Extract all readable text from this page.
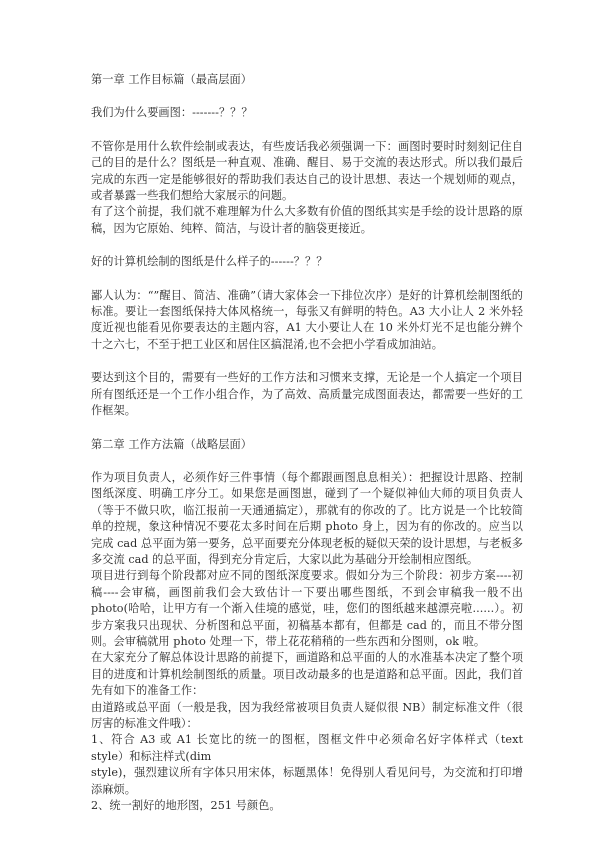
第一章 工作目标篇（最高层面）

我们为什么要画图：-------？？？

不管你是用什么软件绘制或表达，有些废话我必须强调一下：画图时要时时刻刻记住自己的目的是什么？图纸是一种直观、准确、醒目、易于交流的表达形式。所以我们最后完成的东西一定是能够很好的帮助我们表达自己的设计思想、表达一个规划师的观点，或者暴露一些我们想给大家展示的问题。

有了这个前提，我们就不难理解为什么大多数有价值的图纸其实是手绘的设计思路的原稿，因为它原始、纯粹、简洁，与设计者的脑袋更接近。

好的计算机绘制的图纸是什么样子的------？？？

鄙人认为：“”醒目、简洁、准确”（请大家体会一下排位次序）是好的计算机绘制图纸的标准。要让一套图纸保持大体风格统一，每张又有鲜明的特色。A3 大小让人 2 米外轻度近视也能看见你要表达的主题内容，A1 大小要让人在 10 米外灯光不足也能分辨个十之六七，不至于把工业区和居住区搞混淆,也不会把小学看成加油站。

要达到这个目的，需要有一些好的工作方法和习惯来支撑，无论是一个人搞定一个项目所有图纸还是一个工作小组合作，为了高效、高质量完成图面表达，都需要一些好的工作框架。

第二章 工作方法篇（战略层面）

作为项目负责人，必须作好三件事情（每个都跟画图息息相关）：把握设计思路、控制图纸深度、明确工序分工。如果您是画图崽，碰到了一个疑似神仙大师的项目负责人（等于不做只吹，临江报前一天通通搞定），那就有的你改的了。比方说是一个比较简单的控规，象这种情况不要花太多时间在后期 photo 身上，因为有的你改的。应当以完成 cad 总平面为第一要务，总平面要充分体现老板的疑似天荣的设计思想，与老板多多交流 cad 的总平面，得到充分肯定后，大家以此为基础分开绘制相应图纸。

项目进行到每个阶段都对应不同的图纸深度要求。假如分为三个阶段：初步方案----初稿----会审稿，画图前我们会大致估计一下要出哪些图纸，不到会审稿我一般不出 photo(哈哈，让甲方有一个渐入佳境的感觉，哇，您们的图纸越来越漂亮啦......）。初步方案我只出现状、分析图和总平面，初稿基本都有，但都是 cad 的，而且不带分图则。会审稿就用 photo 处理一下，带上花花稍稍的一些东西和分图则，ok 啦。

在大家充分了解总体设计思路的前提下，画道路和总平面的人的水准基本决定了整个项目的进度和计算机绘制图纸的质量。项目改动最多的也是道路和总平面。因此，我们首先有如下的准备工作：

由道路或总平面（一般是我，因为我经常被项目负责人疑似很 NB）制定标准文件（很厉害的标准文件哦）：

1、符合 A3 或 A1 长宽比的统一的图框，图框文件中必须命名好字体样式（text style）和标注样式(dim

style)，强烈建议所有字体只用宋体，标题黑体！免得别人看见问号，为交流和打印增添麻烦。

2、统一割好的地形图，251 号颜色。
